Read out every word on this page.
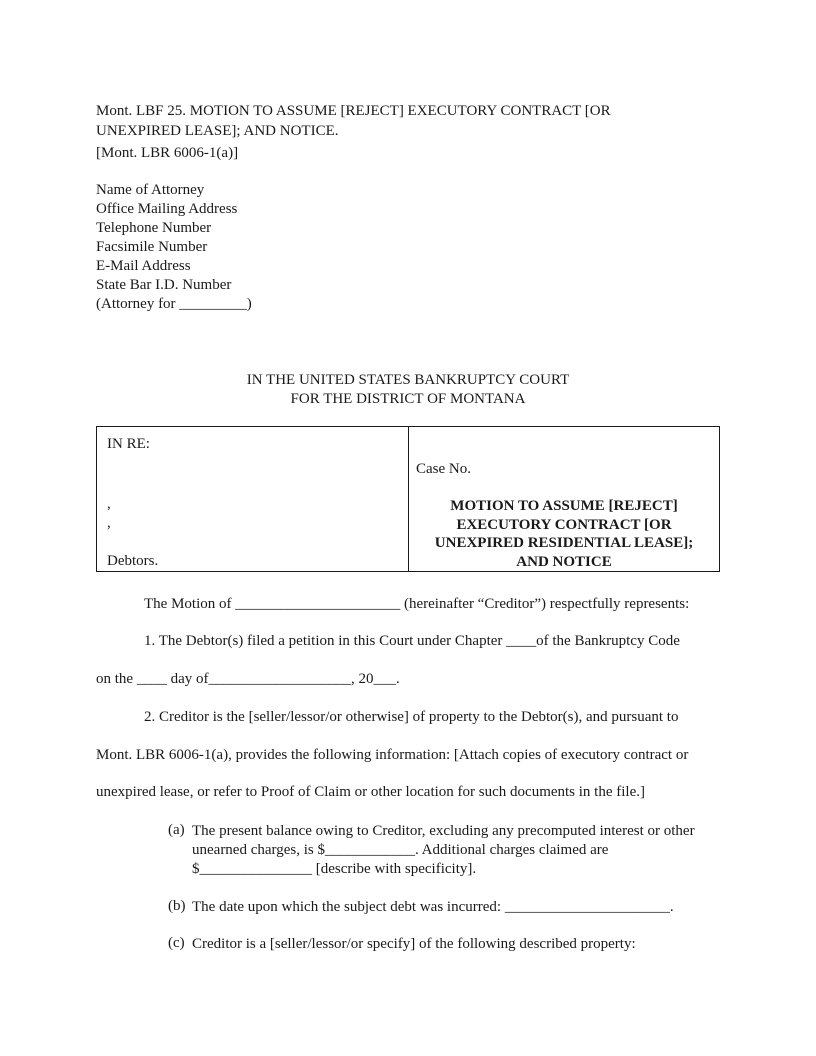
Mont. LBF 25. MOTION TO ASSUME [REJECT] EXECUTORY CONTRACT [OR UNEXPIRED LEASE]; AND NOTICE.
[Mont. LBR 6006-1(a)]
Name of Attorney
Office Mailing Address
Telephone Number
Facsimile Number
E-Mail Address
State Bar I.D. Number
(Attorney for _________)
IN THE UNITED STATES BANKRUPTCY COURT
FOR THE DISTRICT OF MONTANA
IN RE:
,
,
Debtors.
Case No.
MOTION TO ASSUME [REJECT]
EXECUTORY CONTRACT [OR
UNEXPIRED RESIDENTIAL LEASE];
AND NOTICE
The Motion of ______________________ (hereinafter “Creditor”) respectfully represents:
1. The Debtor(s) filed a petition in this Court under Chapter ____of the Bankruptcy Code
on the ____ day of___________________, 20___.
2. Creditor is the [seller/lessor/or otherwise] of property to the Debtor(s), and pursuant to
Mont. LBR 6006-1(a), provides the following information: [Attach copies of executory contract or
unexpired lease, or refer to Proof of Claim or other location for such documents in the file.]
(a) The present balance owing to Creditor, excluding any precomputed interest or other
unearned charges, is $____________. Additional charges claimed are
$_______________ [describe with specificity].
(b) The date upon which the subject debt was incurred: ______________________.
(c) Creditor is a [seller/lessor/or specify] of the following described property:
